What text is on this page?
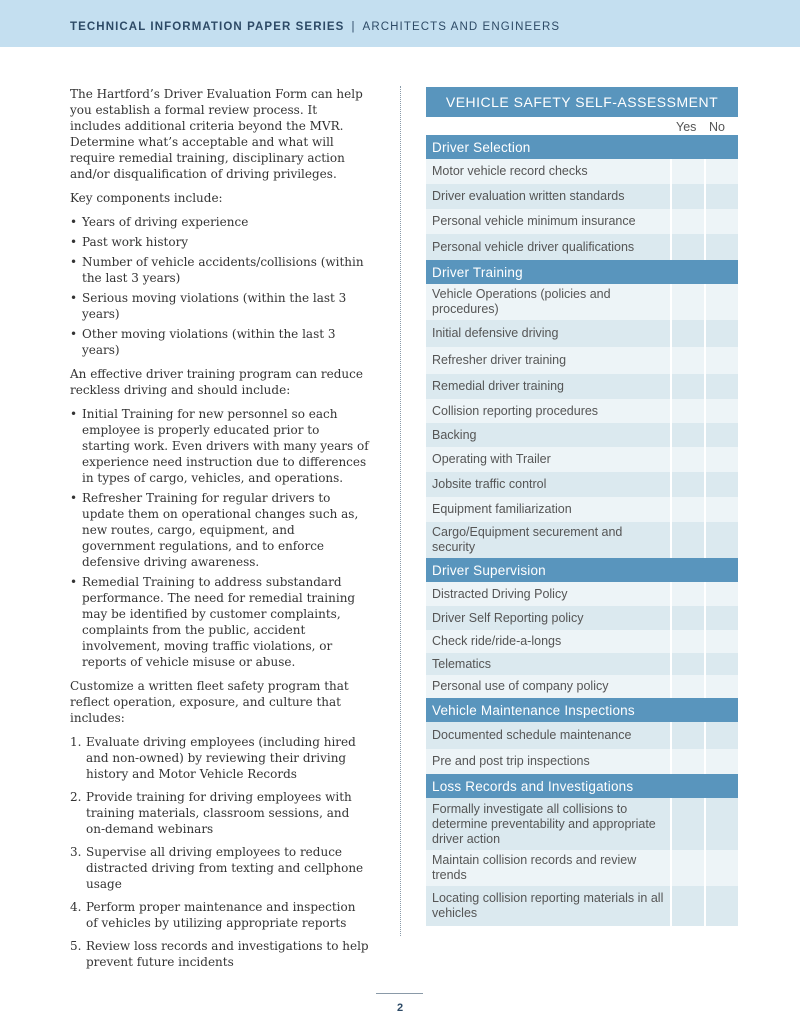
TECHNICAL INFORMATION PAPER SERIES | ARCHITECTS AND ENGINEERS

The Hartford’s Driver Evaluation Form can help you establish a formal review process. It includes additional criteria beyond the MVR. Determine what’s acceptable and what will require remedial training, disciplinary action and/or disqualification of driving privileges.

Key components include:

• Years of driving experience
• Past work history
• Number of vehicle accidents/collisions (within the last 3 years)
• Serious moving violations (within the last 3 years)
• Other moving violations (within the last 3 years)

An effective driver training program can reduce reckless driving and should include:

• Initial Training for new personnel so each employee is properly educated prior to starting work. Even drivers with many years of experience need instruction due to differences in types of cargo, vehicles, and operations.
• Refresher Training for regular drivers to update them on operational changes such as, new routes, cargo, equipment, and government regulations, and to enforce defensive driving awareness.
• Remedial Training to address substandard performance. The need for remedial training may be identified by customer complaints, complaints from the public, accident involvement, moving traffic violations, or reports of vehicle misuse or abuse.

Customize a written fleet safety program that reflect operation, exposure, and culture that includes:

1. Evaluate driving employees (including hired and non-owned) by reviewing their driving history and Motor Vehicle Records
2. Provide training for driving employees with training materials, classroom sessions, and on-demand webinars
3. Supervise all driving employees to reduce distracted driving from texting and cellphone usage
4. Perform proper maintenance and inspection of vehicles by utilizing appropriate reports
5. Review loss records and investigations to help prevent future incidents
VEHICLE SAFETY SELF-ASSESSMENT
Yes No
Driver Selection
Motor vehicle record checks
Driver evaluation written standards
Personal vehicle minimum insurance
Personal vehicle driver qualifications
Driver Training
Vehicle Operations (policies and procedures)
Initial defensive driving
Refresher driver training
Remedial driver training
Collision reporting procedures
Backing
Operating with Trailer
Jobsite traffic control
Equipment familiarization
Cargo/Equipment securement and security
Driver Supervision
Distracted Driving Policy
Driver Self Reporting policy
Check ride/ride-a-longs
Telematics
Personal use of company policy
Vehicle Maintenance Inspections
Documented schedule maintenance
Pre and post trip inspections
Loss Records and Investigations
Formally investigate all collisions to determine preventability and appropriate driver action
Maintain collision records and review trends
Locating collision reporting materials in all vehicles
2
